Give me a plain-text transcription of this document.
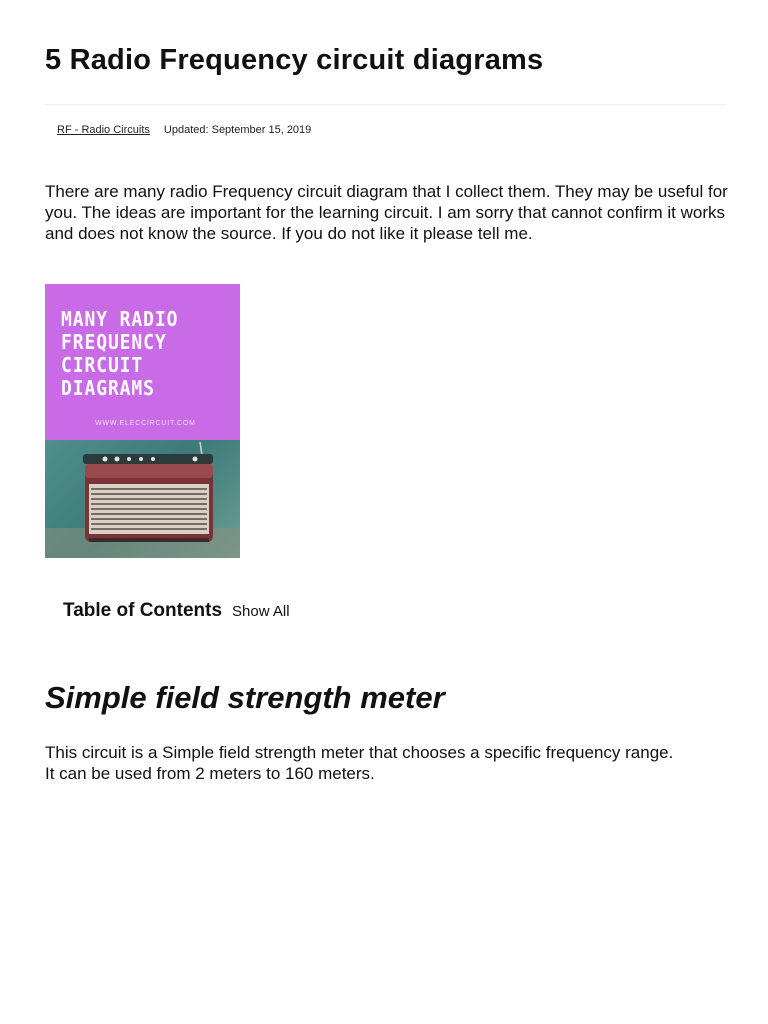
5 Radio Frequency circuit diagrams
RF - Radio Circuits Updated: September 15, 2019

There are many radio Frequency circuit diagram that I collect them. They may be useful for you. The ideas are important for the learning circuit. I am sorry that cannot confirm it works and does not know the source. If you do not like it please tell me.

MANY RADIO
FREQUENCY
CIRCUIT
DIAGRAMS
WWW.ELECCIRCUIT.COM
Table of Contents Show All
Simple field strength meter

This circuit is a Simple field strength meter that chooses a specific frequency range.
It can be used from 2 meters to 160 meters.
